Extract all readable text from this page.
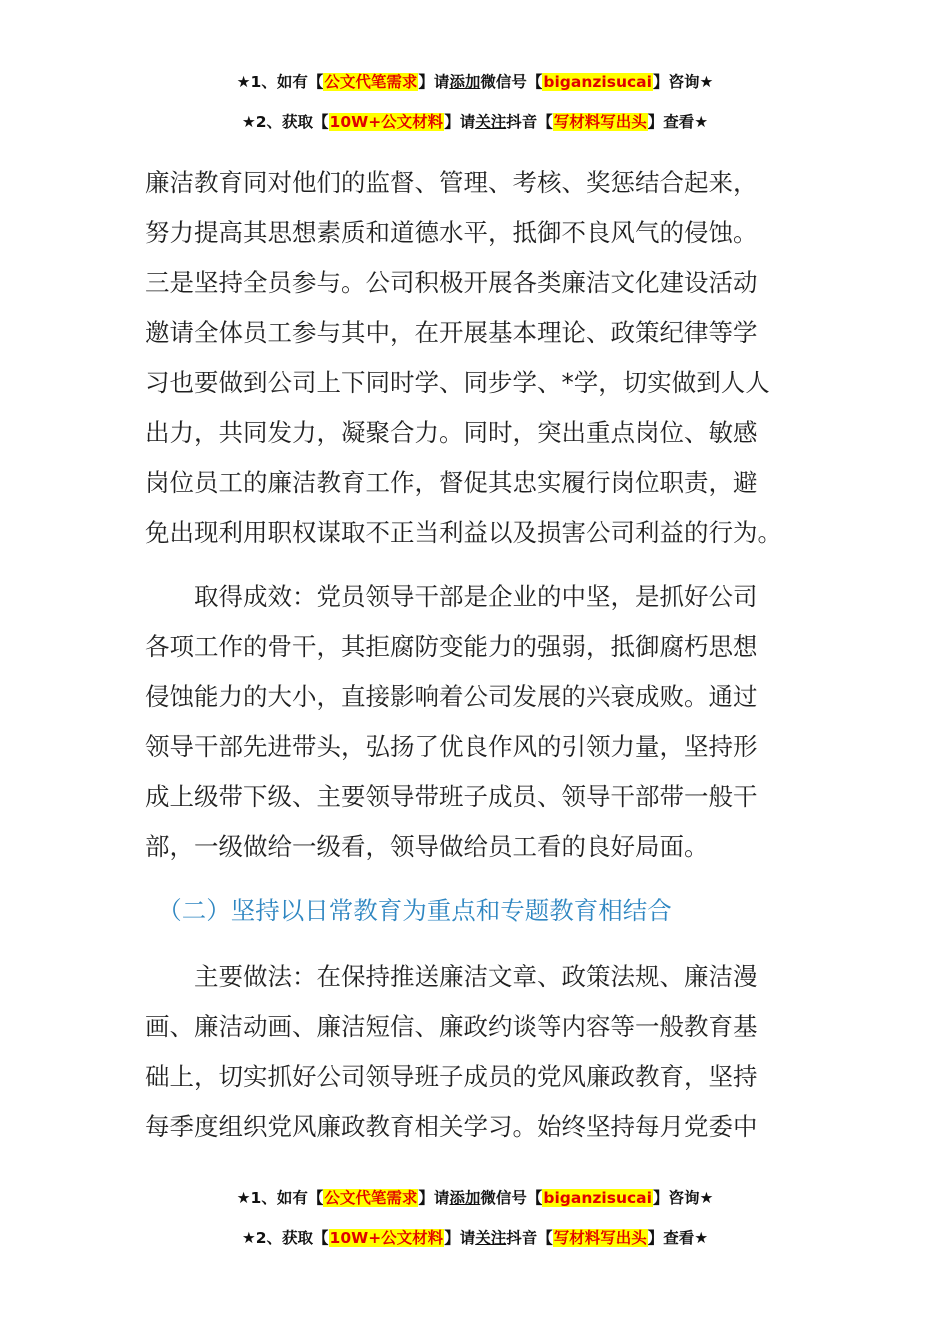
★1、如有【公文代笔需求】请添加微信号【biganzisucai】咨询★
★2、获取【10W+公文材料】请关注抖音【写材料写出头】查看★
廉洁教育同对他们的监督、管理、考核、奖惩结合起来，
努力提高其思想素质和道德水平，抵御不良风气的侵蚀。
三是坚持全员参与。公司积极开展各类廉洁文化建设活动
邀请全体员工参与其中，在开展基本理论、政策纪律等学
习也要做到公司上下同时学、同步学、*学，切实做到人人
出力，共同发力，凝聚合力。同时，突出重点岗位、敏感
岗位员工的廉洁教育工作，督促其忠实履行岗位职责，避
免出现利用职权谋取不正当利益以及损害公司利益的行为。
　　取得成效：党员领导干部是企业的中坚，是抓好公司
各项工作的骨干，其拒腐防变能力的强弱，抵御腐朽思想
侵蚀能力的大小，直接影响着公司发展的兴衰成败。通过
领导干部先进带头，弘扬了优良作风的引领力量，坚持形
成上级带下级、主要领导带班子成员、领导干部带一般干
部，一级做给一级看，领导做给员工看的良好局面。
　（二）坚持以日常教育为重点和专题教育相结合
　　主要做法：在保持推送廉洁文章、政策法规、廉洁漫
画、廉洁动画、廉洁短信、廉政约谈等内容等一般教育基
础上，切实抓好公司领导班子成员的党风廉政教育，坚持
每季度组织党风廉政教育相关学习。始终坚持每月党委中
★1、如有【公文代笔需求】请添加微信号【biganzisucai】咨询★
★2、获取【10W+公文材料】请关注抖音【写材料写出头】查看★
